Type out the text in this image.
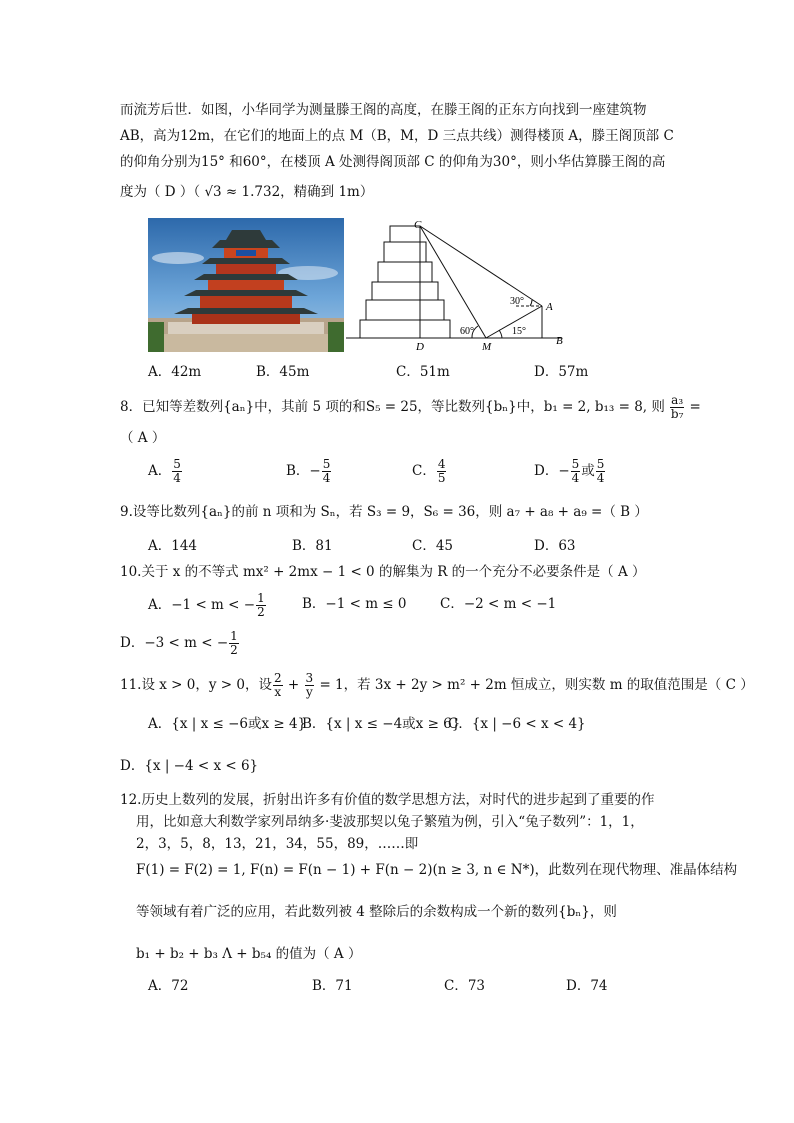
而流芳后世．如图，小华同学为测量滕王阁的高度，在滕王阁的正东方向找到一座建筑物
AB，高为12m，在它们的地面上的点 M（B，M，D 三点共线）测得楼顶 A，滕王阁顶部 C
的仰角分别为15° 和60°，在楼顶 A 处测得阁顶部 C 的仰角为30°，则小华估算滕王阁的高
度为（ D ）（ √3 ≈ 1.732，精确到 1m）
C
A
B
D	M
30°
60°	15°
A．42m	B．45m	C．51m	D．57m
8．已知等差数列{aₙ}中，其前 5 项的和S₅ = 25，等比数列{bₙ}中，b₁ = 2, b₁₃ = 8, 则 $\frac{\text{a₃}}{\text{b₇}}$ =
（ A ）
A． $\frac{5}{4}$	B．− $\frac{5}{4}$	C． $\frac{4}{5}$	D．− $\frac{5}{4}$ 或 $\frac{5}{4}$
9.设等比数列{aₙ}的前 n 项和为 Sₙ，若 S₃ = 9，S₆ = 36，则 a₇ + a₈ + a₉ =（ B ）
A．144	B．81	C．45	D．63
10.关于 x 的不等式 mx² + 2mx − 1 < 0 的解集为 R 的一个充分不必要条件是（ A ）
A．−1 < m < − $\frac{1}{2}$	B．−1 < m ≤ 0 C．−2 < m < −1
D．−3 < m < − $\frac{1}{2}$
11.设 x > 0，y > 0，设 $\frac{2}{x} + \frac{3}{y} = 1$，若 3x + 2y > m² + 2m 恒成立，则实数 m 的取值范围是（ C ）
A．{x | x ≤ −6或x ≥ 4}
B．{x | x ≤ −4或x ≥ 6}
C．{x | −6 < x < 4}
D．{x | −4 < x < 6}
12.历史上数列的发展，折射出许多有价值的数学思想方法，对时代的进步起到了重要的作
用，比如意大利数学家列昂纳多·斐波那契以兔子繁殖为例，引入“兔子数列”：1，1，
2，3，5，8，13，21，34，55，89，……即
F(1) = F(2) = 1, F(n) = F(n − 1) + F(n − 2)(n ≥ 3, n ∈ N*)，此数列在现代物理、准晶体结构
等领域有着广泛的应用，若此数列被 4 整除后的余数构成一个新的数列{bₙ}，则
b₁ + b₂ + b₃ Λ + b₅₄ 的值为（ A ）
A．72	B．71	C．73	D．74
